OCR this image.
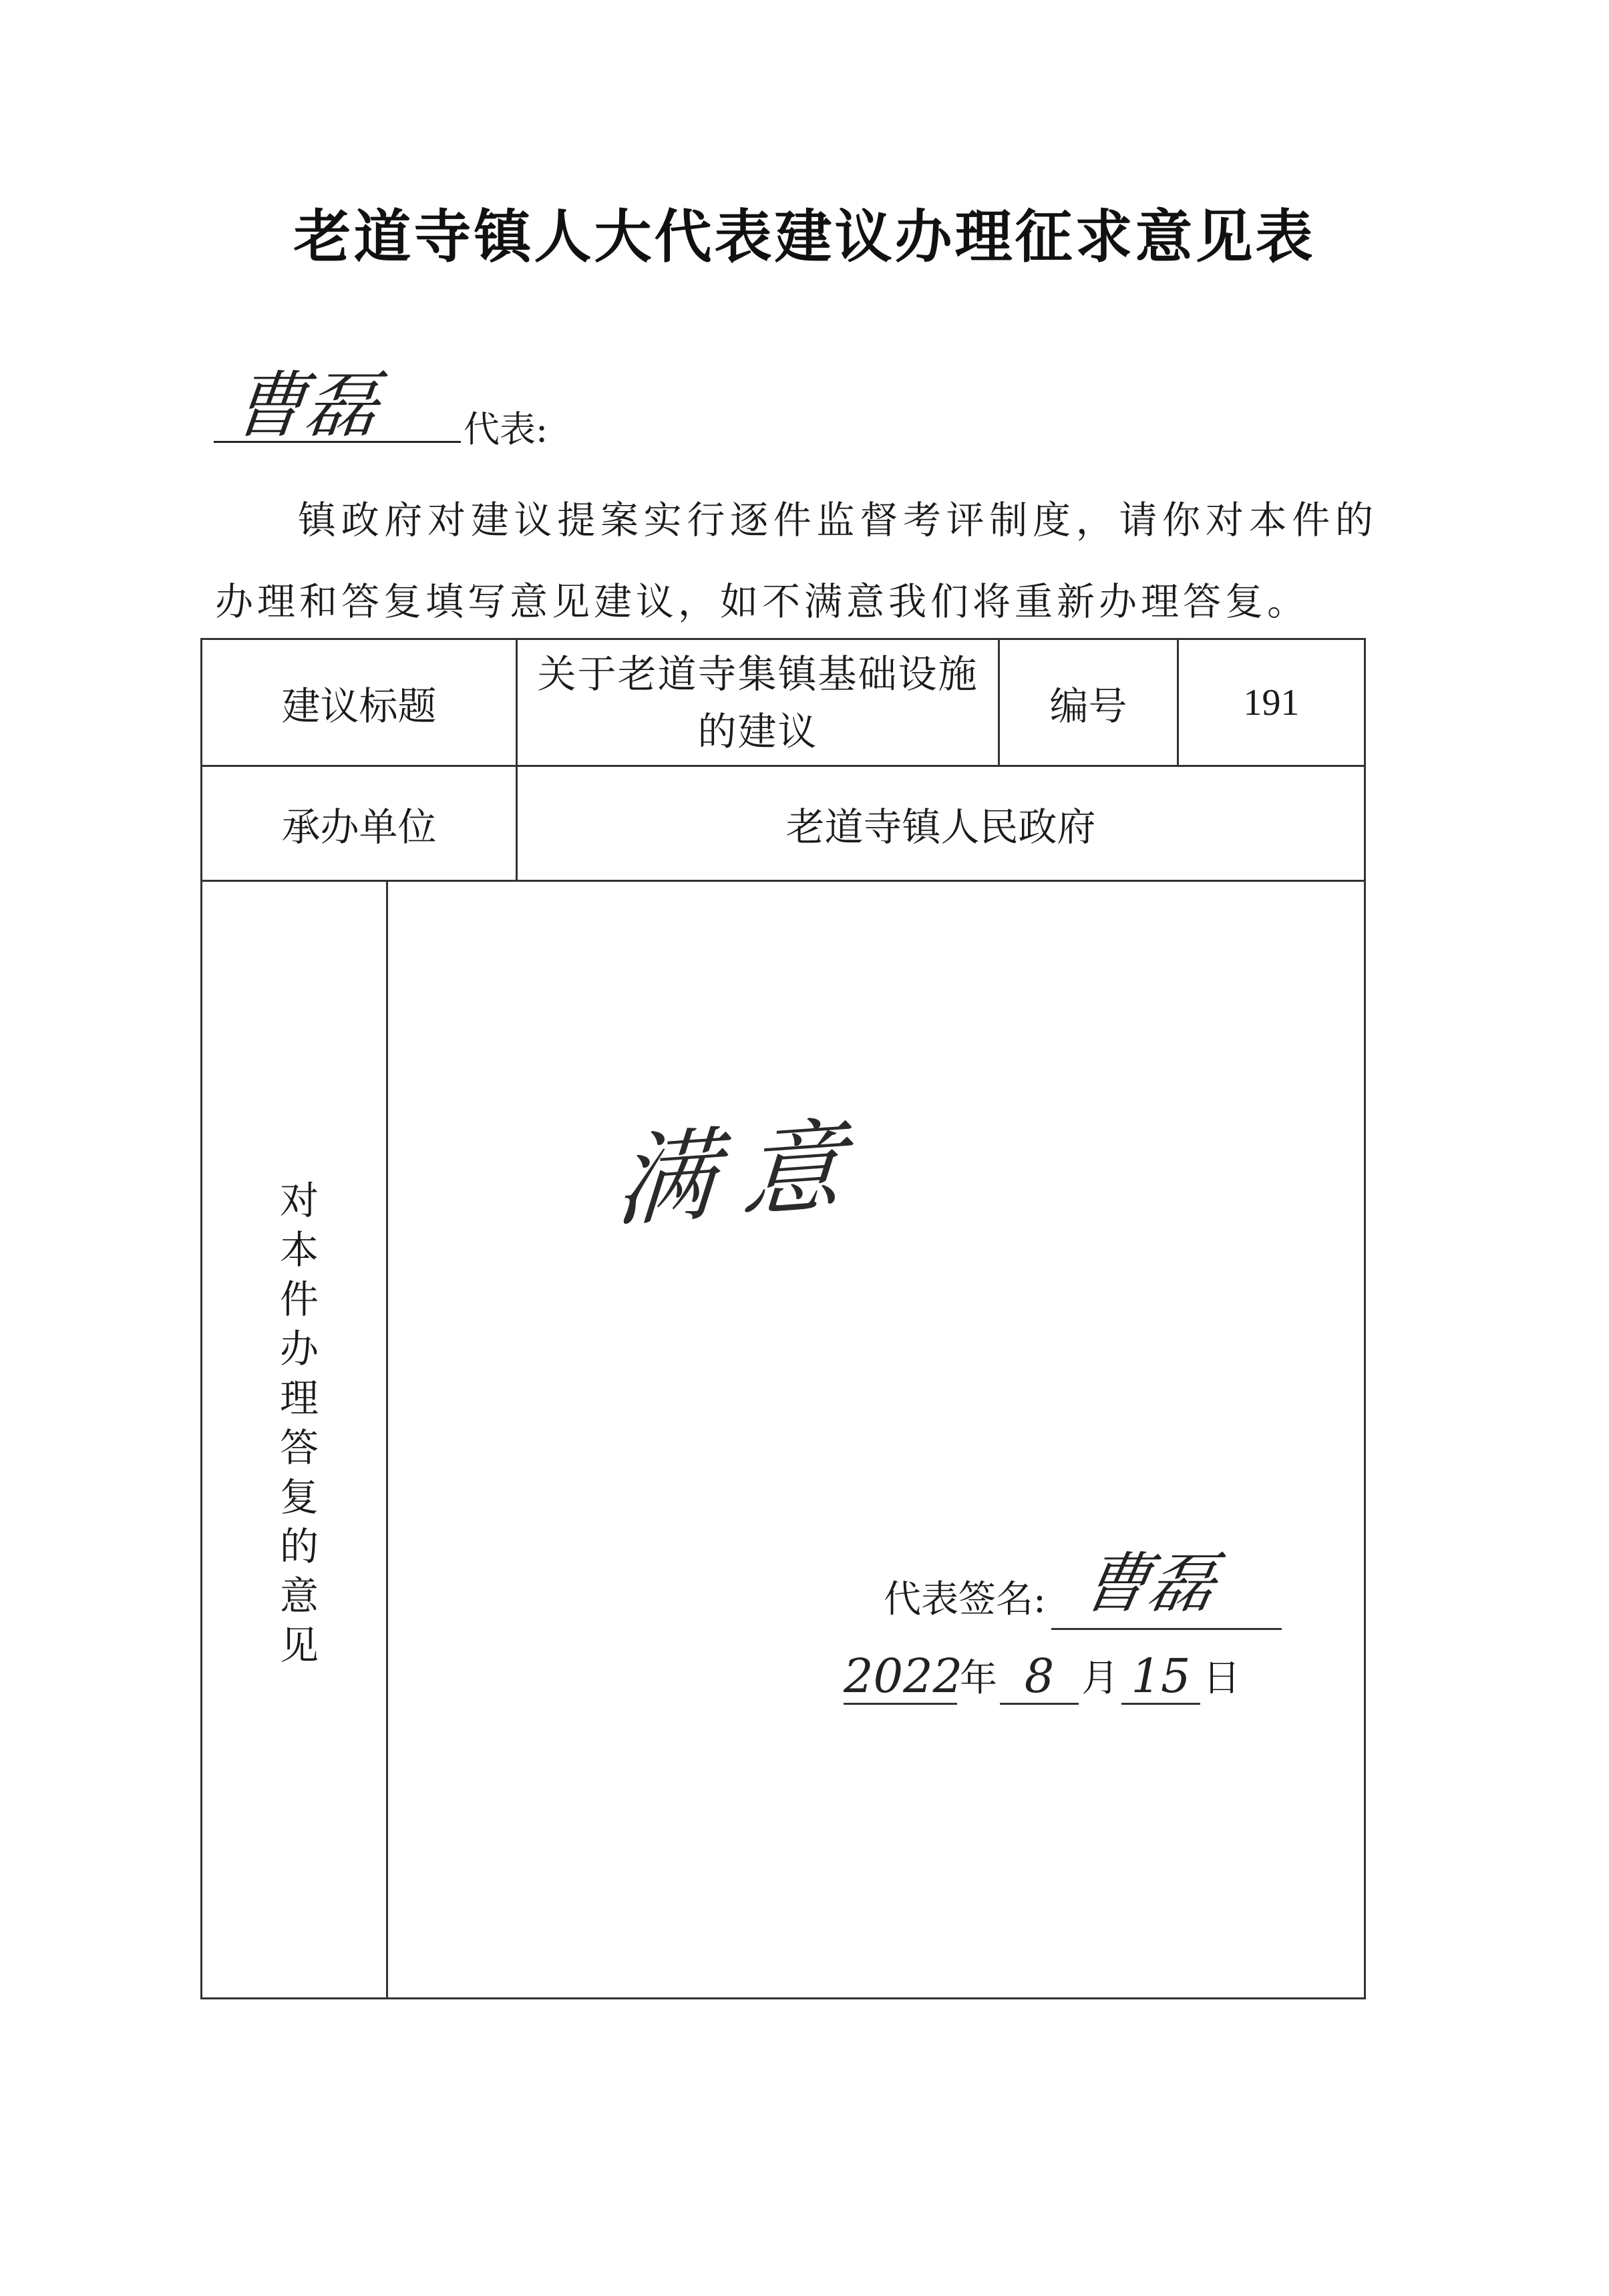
老道寺镇人大代表建议办理征求意见表
曹磊 代表:
镇政府对建议提案实行逐件监督考评制度，请你对本件的办理和答复填写意见建议，如不满意我们将重新办理答复。
建议标题
关于老道寺集镇基础设施的建议
编号	191
承办单位	老道寺镇人民政府
对
本
件
办
理
答
复
的
意
见
满意
代表签名: 曹磊
2022
年 8 月 15 日
